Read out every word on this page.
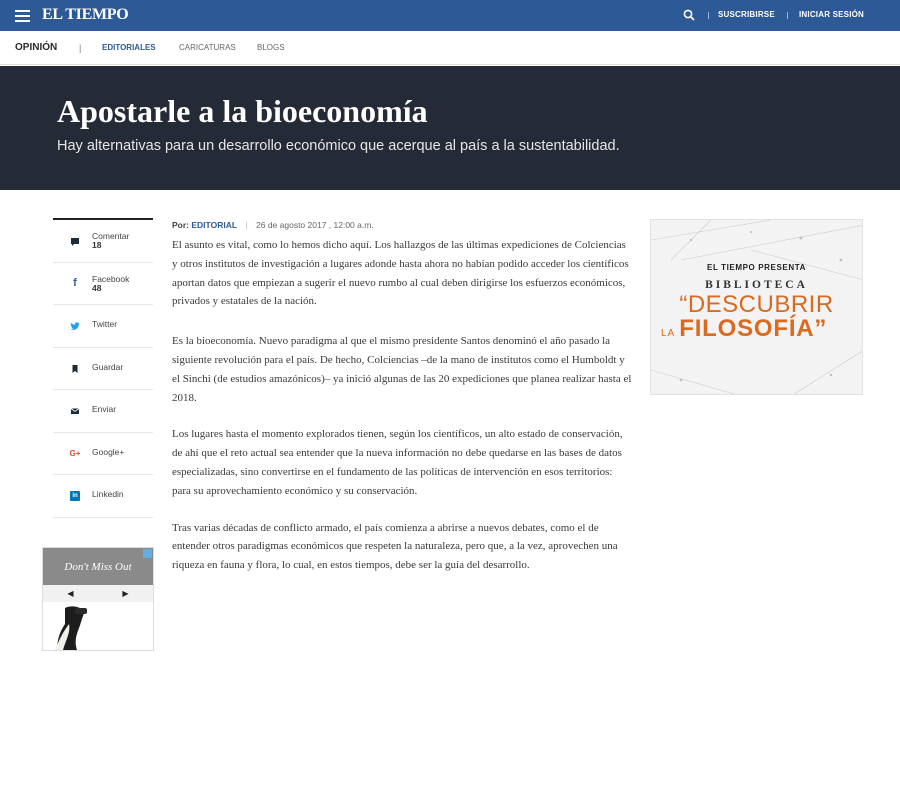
EL TIEMPO	SUSCRIBIRSE	INICIAR SESIÓN
OPINIÓN |	EDITORIALES	CARICATURAS	BLOGS
Apostarle a la bioeconomía

Hay alternativas para un desarrollo económico que acerque al país a la sustentabilidad.

Comentar
18
f	Facebook
48
Twitter
Guardar
Enviar
G+ Google+
in Linkedin
Don't Miss Out
◀	▶
Por: EDITORIAL | 26 de agosto 2017 , 12:00 a.m.

El asunto es vital, como lo hemos dicho aquí. Los hallazgos de las últimas expediciones de Colciencias y otros institutos de investigación a lugares adonde hasta ahora no habían podido acceder los científicos aportan datos que empiezan a sugerir el nuevo rumbo al cual deben dirigirse los esfuerzos económicos, privados y estatales de la nación.

Es la bioeconomía. Nuevo paradigma al que el mismo presidente Santos denominó el año pasado la siguiente revolución para el país. De hecho, Colciencias –de la mano de institutos como el Humboldt y el Sinchi (de estudios amazónicos)– ya inició algunas de las 20 expediciones que planea realizar hasta el 2018.

Los lugares hasta el momento explorados tienen, según los científicos, un alto estado de conservación, de ahí que el reto actual sea entender que la nueva información no debe quedarse en las bases de datos especializadas, sino convertirse en el fundamento de las políticas de intervención en esos territorios: para su aprovechamiento económico y su conservación.

Tras varias décadas de conflicto armado, el país comienza a abrirse a nuevos debates, como el de entender otros paradigmas económicos que respeten la naturaleza, pero que, a la vez, aprovechen una riqueza en fauna y flora, lo cual, en estos tiempos, debe ser la guía del desarrollo.

EL TIEMPO PRESENTA
BIBLIOTECA
“DESCUBRIR
LA FILOSOFÍA”
